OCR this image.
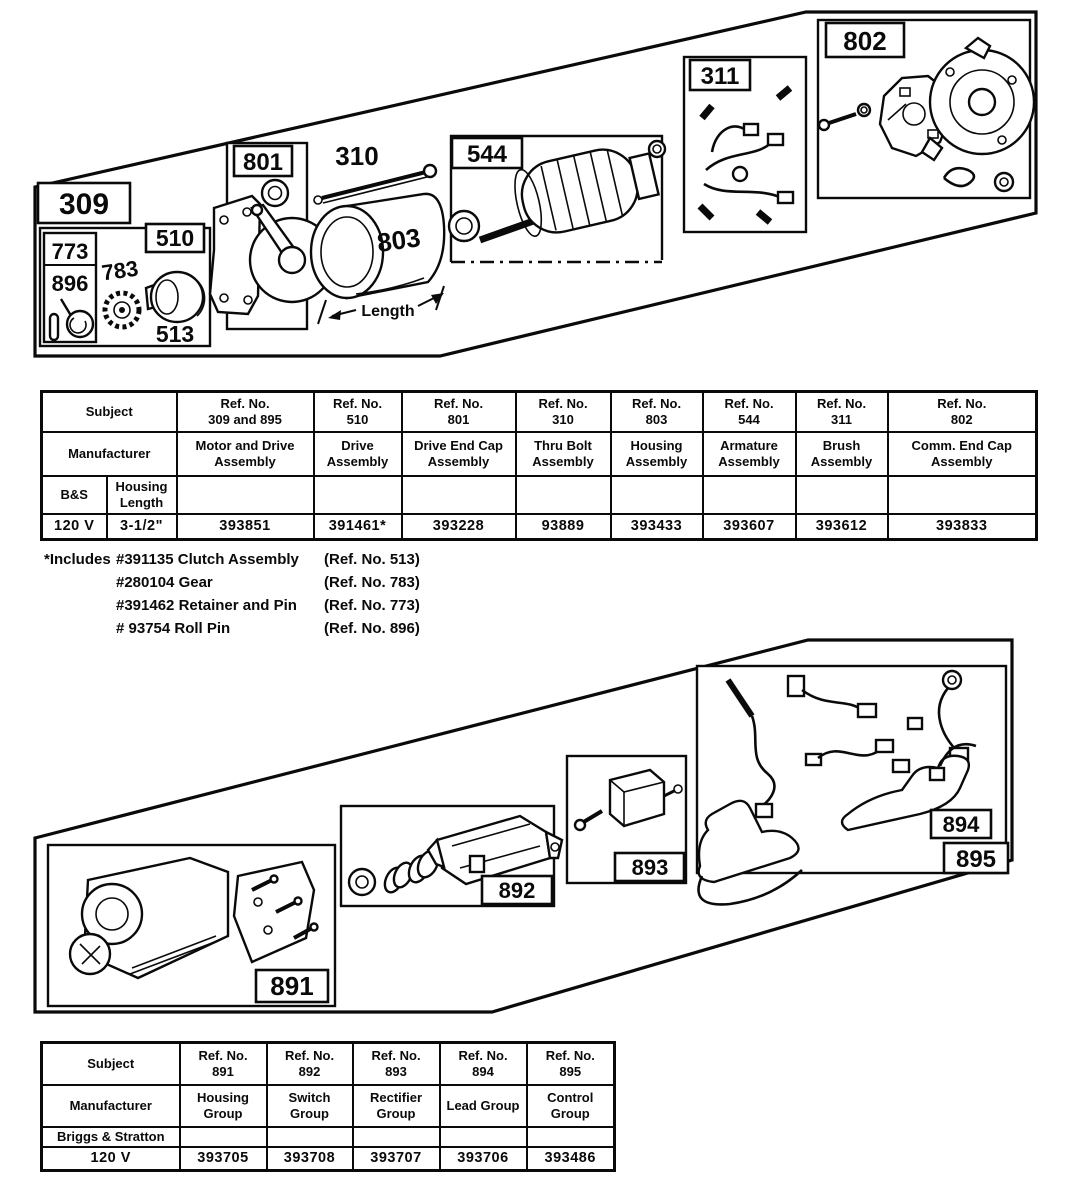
309
773
896 783
510
513
801 310
803
Length
544
311
802
Subject		Ref. No.
309 and 895	Ref. No.
510	Ref. No.
801	Ref. No.
310	Ref. No.
803	Ref. No.
544	Ref. No.
311	Ref. No.
802

Manufacturer		Motor and Drive Assembly	Drive Assembly	Drive End Cap Assembly	Thru Bolt Assembly	Housing Assembly	Armature Assembly	Brush Assembly	Comm. End Cap Assembly
B&S	Housing Length								
120 V	3-1/2"	393851	391461*	393228	93889	393433	393607	393612	393833
*Includes #391135 Clutch Assembly	(Ref. No. 513)
#280104 Gear	(Ref. No. 783)
#391462 Retainer and Pin	(Ref. No. 773)
# 93754 Roll Pin	(Ref. No. 896)
891
892
893
894
895
Subject	Ref. No.
891	Ref. No.
892	Ref. No.
893	Ref. No.
894	Ref. No.
895

Manufacturer	Housing Group	Switch Group	Rectifier Group	Lead Group	Control Group
Briggs & Stratton					
120 V	393705	393708	393707	393706	393486
